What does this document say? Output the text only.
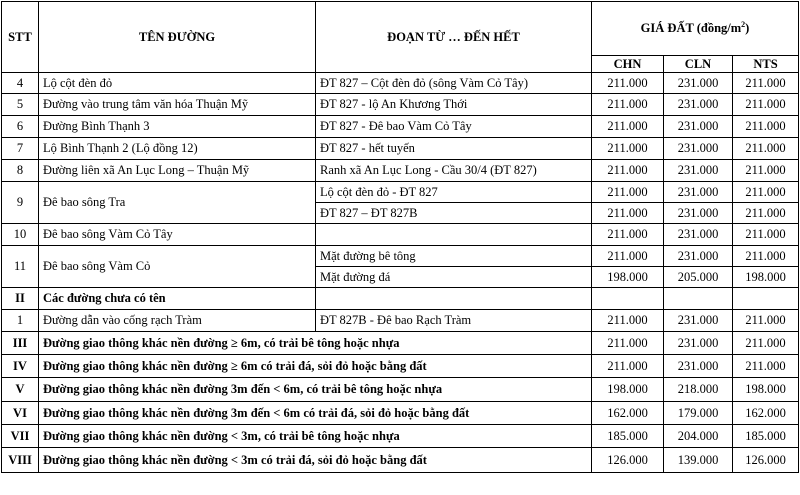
STT	TÊN ĐƯỜNG	ĐOẠN TỪ … ĐẾN HẾT	GIÁ ĐẤT $(đồng/m^2)$		
			CHN	CLN	NTS
4	Lộ cột đèn đỏ	ĐT 827 – Cột đèn đỏ (sông Vàm Cỏ Tây)	211.000	231.000	211.000
5	Đường vào trung tâm văn hóa Thuận Mỹ	ĐT 827 - lộ An Khương Thới	211.000	231.000	211.000
6	Đường Bình Thạnh 3	ĐT 827 - Đê bao Vàm Cỏ Tây	211.000	231.000	211.000
7	Lộ Bình Thạnh 2 (Lộ đồng 12)	ĐT 827 - hết tuyến	211.000	231.000	211.000
8	Đường liên xã An Lục Long – Thuận Mỹ	Ranh xã An Lục Long - Cầu 30/4 (ĐT 827)	211.000	231.000	211.000
9	Đê bao sông Tra	Lộ cột đèn đỏ - ĐT 827	211.000	231.000	211.000
		ĐT 827 – ĐT 827B	211.000	231.000	211.000
10	Đê bao sông Vàm Cỏ Tây		211.000	231.000	211.000
11	Đê bao sông Vàm Cỏ	Mặt đường bê tông	211.000	231.000	211.000
		Mặt đường đá	198.000	205.000	198.000
II	Các đường chưa có tên				
1	Đường dẫn vào cống rạch Tràm	ĐT 827B - Đê bao Rạch Tràm	211.000	231.000	211.000
III	Đường giao thông khác nền đường ≥ 6m, có trải bê tông hoặc nhựa		211.000	231.000	211.000
IV	Đường giao thông khác nền đường ≥ 6m có trải đá, sỏi đỏ hoặc bằng đất		211.000	231.000	211.000
V	Đường giao thông khác nền đường 3m đến < 6m, có trải bê tông hoặc nhựa		198.000	218.000	198.000
VI	Đường giao thông khác nền đường 3m đến < 6m có trải đá, sỏi đỏ hoặc bằng đất		162.000	179.000	162.000
VII	Đường giao thông khác nền đường < 3m, có trải bê tông hoặc nhựa		185.000	204.000	185.000
VIII	Đường giao thông khác nền đường < 3m có trải đá, sỏi đỏ hoặc bằng đất		126.000	139.000	126.000
